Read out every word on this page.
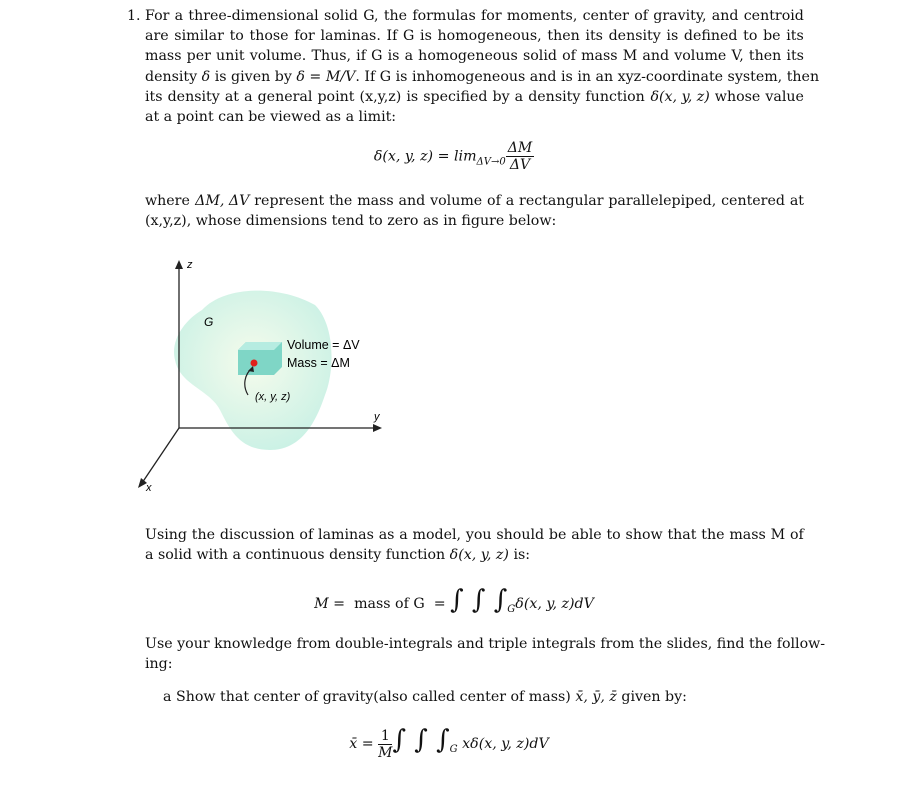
1. For a three-dimensional solid G, the formulas for moments, center of gravity, and centroid
are similar to those for laminas. If G is homogeneous, then its density is defined to be its
mass per unit volume. Thus, if G is a homogeneous solid of mass M and volume V, then its
density
δ is given by
δ =
M/V . If G is inhomogeneous and is in an xyz-coordinate system, then
its density at a general point (x,y,z) is specified by a density function
δ(x, y, z) whose value
at a point can be viewed as a limit:
δ(x, y, $z) = \lim_{\Delta V\to 0} \frac{\Delta M}{\Delta V}$
where
ΔM, ΔV represent the mass and volume of a rectangular parallelepiped, centered at
(x,y,z), whose dimensions tend to zero as in figure below:
z
y
x
G
Volume = ΔV
Mass = ΔM
(x, y, z)
Using the discussion of laminas as a model, you should be able to show that the mass M of
a solid with a continuous density function
δ(x, y, z) is:
M =  mass of G  = ∫ ∫ $\int_G\delta(x$, y, z)dV
Use your knowledge from double-integrals and triple integrals from the slides, find the follow-
ing:
a Show that center of gravity(also called center of mass) x̄, ȳ, z̄ given by:
x̄ = $\frac{1}{M}$ ∫ ∫ $\int_G$ xδ(x, y, z)dV
